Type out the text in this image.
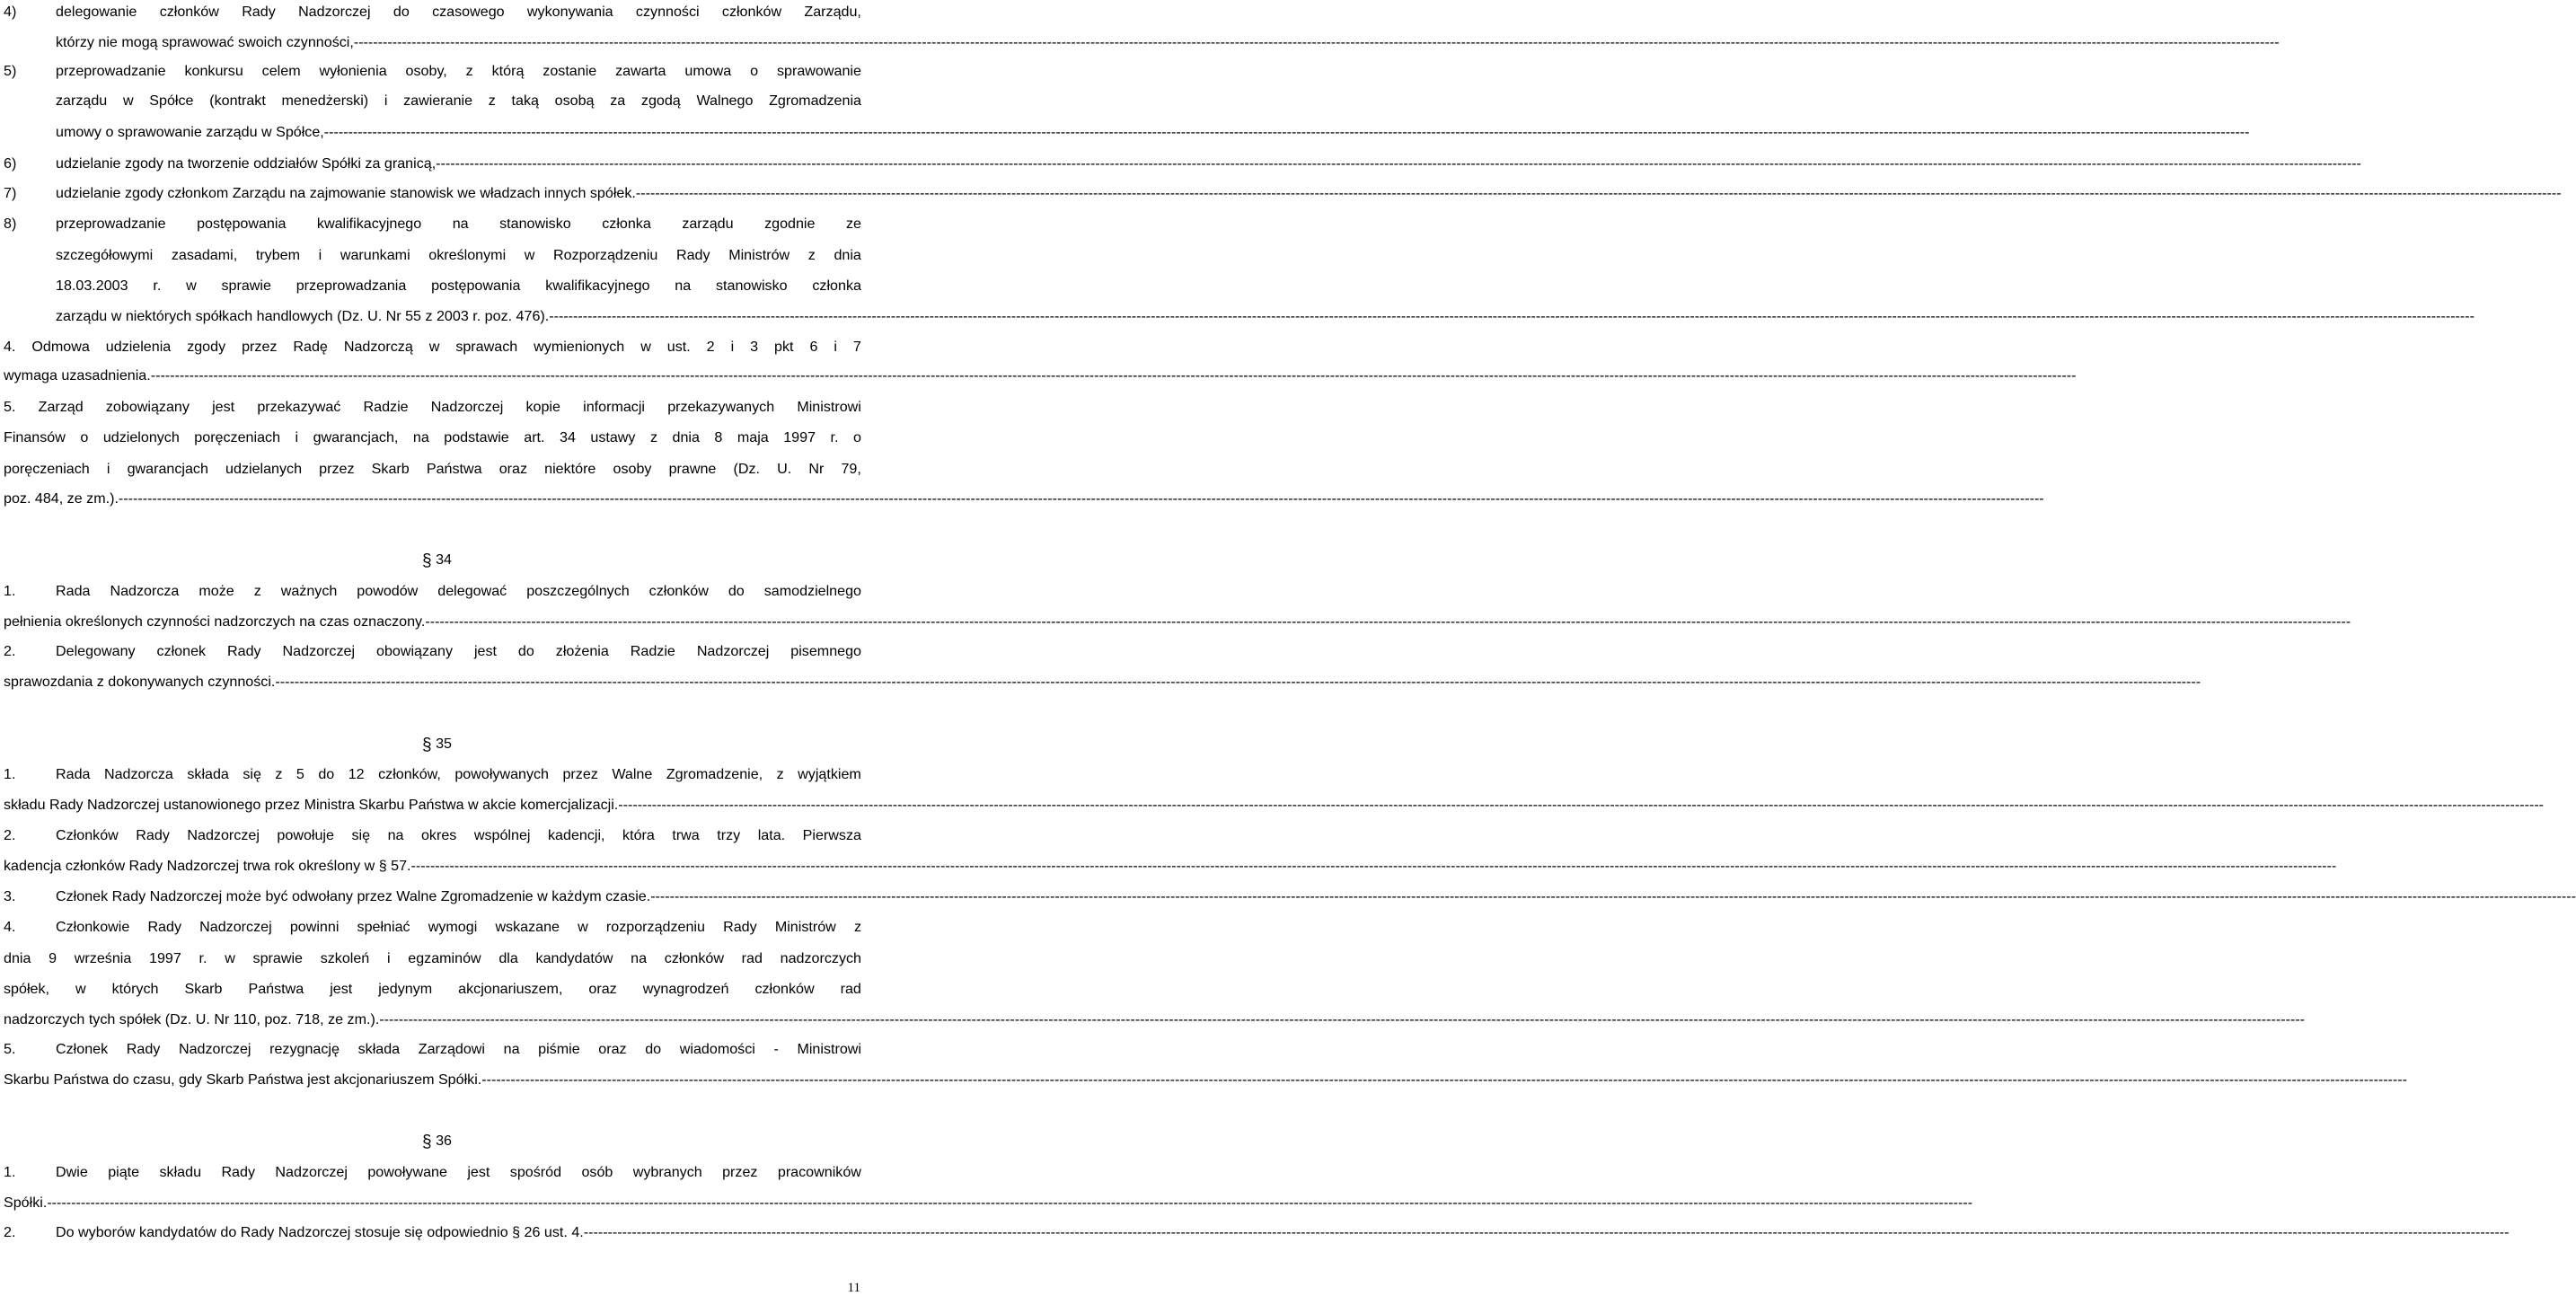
§ 34
§ 35
§ 36
4)	delegowanie członków Rady Nadzorczej do czasowego wykonywania czynności członków Zarządu,
którzy nie mogą sprawować swoich czynności, ----------------------------------------------------------------------------------------------------------------------------------------------------------------------------------------------------------------------------------------------------------------------------------------------------------------------------------------------------------------------------------------------------------------
5)	przeprowadzanie konkursu celem wyłonienia osoby, z którą zostanie zawarta umowa o sprawowanie
zarządu w Spółce (kontrakt menedżerski) i zawieranie z taką osobą za zgodą Walnego Zgromadzenia
umowy o sprawowanie zarządu w Spółce, ----------------------------------------------------------------------------------------------------------------------------------------------------------------------------------------------------------------------------------------------------------------------------------------------------------------------------------------------------------------------------------------------------------------
6)	udzielanie zgody na tworzenie oddziałów Spółki za granicą, ----------------------------------------------------------------------------------------------------------------------------------------------------------------------------------------------------------------------------------------------------------------------------------------------------------------------------------------------------------------------------------------------------------------
7)	udzielanie zgody członkom Zarządu na zajmowanie stanowisk we władzach innych spółek. ----------------------------------------------------------------------------------------------------------------------------------------------------------------------------------------------------------------------------------------------------------------------------------------------------------------------------------------------------------------------------------------------------------------
8)	przeprowadzanie postępowania kwalifikacyjnego na stanowisko członka zarządu zgodnie ze
szczegółowymi zasadami, trybem i warunkami określonymi w Rozporządzeniu Rady Ministrów z dnia
18.03.2003 r. w sprawie przeprowadzania postępowania kwalifikacyjnego na stanowisko członka
zarządu w niektórych spółkach handlowych (Dz. U. Nr 55 z 2003 r. poz. 476). ----------------------------------------------------------------------------------------------------------------------------------------------------------------------------------------------------------------------------------------------------------------------------------------------------------------------------------------------------------------------------------------------------------------
4. Odmowa udzielenia zgody przez Radę Nadzorczą w sprawach wymienionych w ust. 2 i 3 pkt 6 i 7
wymaga uzasadnienia. ----------------------------------------------------------------------------------------------------------------------------------------------------------------------------------------------------------------------------------------------------------------------------------------------------------------------------------------------------------------------------------------------------------------
5. Zarząd zobowiązany jest przekazywać Radzie Nadzorczej kopie informacji przekazywanych Ministrowi
Finansów o udzielonych poręczeniach i gwarancjach, na podstawie art. 34 ustawy z dnia 8 maja 1997 r. o
poręczeniach i gwarancjach udzielanych przez Skarb Państwa oraz niektóre osoby prawne (Dz. U. Nr 79,
poz. 484, ze zm.). ----------------------------------------------------------------------------------------------------------------------------------------------------------------------------------------------------------------------------------------------------------------------------------------------------------------------------------------------------------------------------------------------------------------
1.	Rada Nadzorcza może z ważnych powodów delegować poszczególnych członków do samodzielnego
pełnienia określonych czynności nadzorczych na czas oznaczony. ----------------------------------------------------------------------------------------------------------------------------------------------------------------------------------------------------------------------------------------------------------------------------------------------------------------------------------------------------------------------------------------------------------------
2.	Delegowany członek Rady Nadzorczej obowiązany jest do złożenia Radzie Nadzorczej pisemnego
sprawozdania z dokonywanych czynności. ----------------------------------------------------------------------------------------------------------------------------------------------------------------------------------------------------------------------------------------------------------------------------------------------------------------------------------------------------------------------------------------------------------------
1.	Rada Nadzorcza składa się z 5 do 12 członków, powoływanych przez Walne Zgromadzenie, z wyjątkiem
składu Rady Nadzorczej ustanowionego przez Ministra Skarbu Państwa w akcie komercjalizacji. ----------------------------------------------------------------------------------------------------------------------------------------------------------------------------------------------------------------------------------------------------------------------------------------------------------------------------------------------------------------------------------------------------------------
2.	Członków Rady Nadzorczej powołuje się na okres wspólnej kadencji, która trwa trzy lata. Pierwsza
kadencja członków Rady Nadzorczej trwa rok określony w § 57. ----------------------------------------------------------------------------------------------------------------------------------------------------------------------------------------------------------------------------------------------------------------------------------------------------------------------------------------------------------------------------------------------------------------
3.	Członek Rady Nadzorczej może być odwołany przez Walne Zgromadzenie w każdym czasie. ----------------------------------------------------------------------------------------------------------------------------------------------------------------------------------------------------------------------------------------------------------------------------------------------------------------------------------------------------------------------------------------------------------------
4.	Członkowie Rady Nadzorczej powinni spełniać wymogi wskazane w rozporządzeniu Rady Ministrów z
dnia 9 września 1997 r. w sprawie szkoleń i egzaminów dla kandydatów na członków rad nadzorczych
spółek, w których Skarb Państwa jest jedynym akcjonariuszem, oraz wynagrodzeń członków rad
nadzorczych tych spółek (Dz. U. Nr 110, poz. 718, ze zm.). ----------------------------------------------------------------------------------------------------------------------------------------------------------------------------------------------------------------------------------------------------------------------------------------------------------------------------------------------------------------------------------------------------------------
5.	Członek Rady Nadzorczej rezygnację składa Zarządowi na piśmie oraz do wiadomości - Ministrowi
Skarbu Państwa do czasu, gdy Skarb Państwa jest akcjonariuszem Spółki. ----------------------------------------------------------------------------------------------------------------------------------------------------------------------------------------------------------------------------------------------------------------------------------------------------------------------------------------------------------------------------------------------------------------
1.	Dwie piąte składu Rady Nadzorczej powoływane jest spośród osób wybranych przez pracowników
Spółki. ----------------------------------------------------------------------------------------------------------------------------------------------------------------------------------------------------------------------------------------------------------------------------------------------------------------------------------------------------------------------------------------------------------------
2.	Do wyborów kandydatów do Rady Nadzorczej stosuje się odpowiednio § 26 ust. 4. ----------------------------------------------------------------------------------------------------------------------------------------------------------------------------------------------------------------------------------------------------------------------------------------------------------------------------------------------------------------------------------------------------------------
11
